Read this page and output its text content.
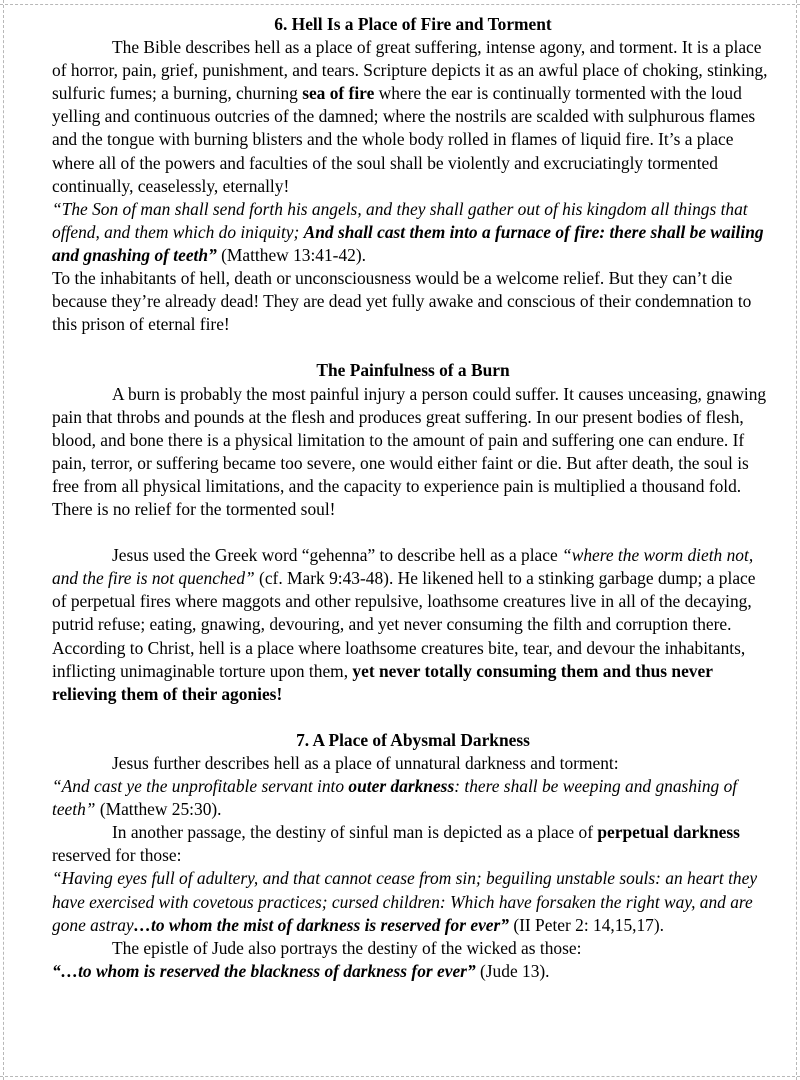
6. Hell Is a Place of Fire and Torment

The Bible describes hell as a place of great suffering, intense agony, and torment. It is a place of horror, pain, grief, punishment, and tears. Scripture depicts it as an awful place of choking, stinking, sulfuric fumes; a burning, churning sea of fire where the ear is continually tormented with the loud yelling and continuous outcries of the damned; where the nostrils are scalded with sulphurous flames and the tongue with burning blisters and the whole body rolled in flames of liquid fire. It’s a place where all of the powers and faculties of the soul shall be violently and excruciatingly tormented continually, ceaselessly, eternally!

“The Son of man shall send forth his angels, and they shall gather out of his kingdom all things that offend, and them which do iniquity; And shall cast them into a furnace of fire: there shall be wailing and gnashing of teeth” (Matthew 13:41-42).

To the inhabitants of hell, death or unconsciousness would be a welcome relief. But they can’t die because they’re already dead! They are dead yet fully awake and conscious of their condemnation to this prison of eternal fire!

The Painfulness of a Burn

A burn is probably the most painful injury a person could suffer. It causes unceasing, gnawing pain that throbs and pounds at the flesh and produces great suffering. In our present bodies of flesh, blood, and bone there is a physical limitation to the amount of pain and suffering one can endure. If pain, terror, or suffering became too severe, one would either faint or die. But after death, the soul is free from all physical limitations, and the capacity to experience pain is multiplied a thousand fold. There is no relief for the tormented soul!

Jesus used the Greek word “gehenna” to describe hell as a place “where the worm dieth not, and the fire is not quenched” (cf. Mark 9:43-48). He likened hell to a stinking garbage dump; a place of perpetual fires where maggots and other repulsive, loathsome creatures live in all of the decaying, putrid refuse; eating, gnawing, devouring, and yet never consuming the filth and corruption there. According to Christ, hell is a place where loathsome creatures bite, tear, and devour the inhabitants, inflicting unimaginable torture upon them, yet never totally consuming them and thus never relieving them of their agonies!

7. A Place of Abysmal Darkness

Jesus further describes hell as a place of unnatural darkness and torment:

“And cast ye the unprofitable servant into outer darkness: there shall be weeping and gnashing of teeth” (Matthew 25:30).

In another passage, the destiny of sinful man is depicted as a place of perpetual darkness reserved for those:

“Having eyes full of adultery, and that cannot cease from sin; beguiling unstable souls: an heart they have exercised with covetous practices; cursed children: Which have forsaken the right way, and are gone astray…to whom the mist of darkness is reserved for ever” (II Peter 2: 14,15,17).

The epistle of Jude also portrays the destiny of the wicked as those:

“…to whom is reserved the blackness of darkness for ever” (Jude 13).
